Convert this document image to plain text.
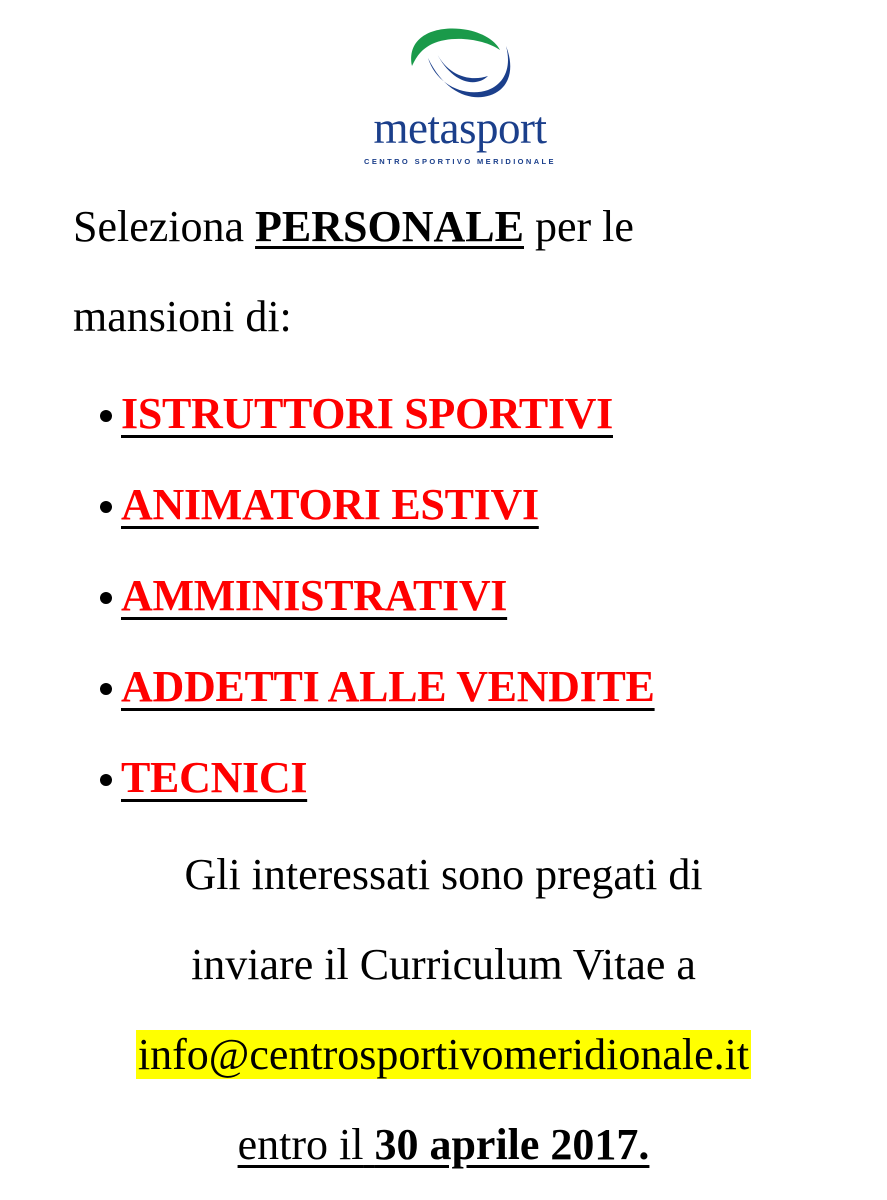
metasport
CENTRO SPORTIVO MERIDIONALE
Seleziona PERSONALE per le
mansioni di:
ISTRUTTORI SPORTIVI
ANIMATORI ESTIVI
AMMINISTRATIVI
ADDETTI ALLE VENDITE
TECNICI
Gli interessati sono pregati di
inviare il Curriculum Vitae a
info@centrosportivomeridionale.it
entro il 30 aprile 2017.
